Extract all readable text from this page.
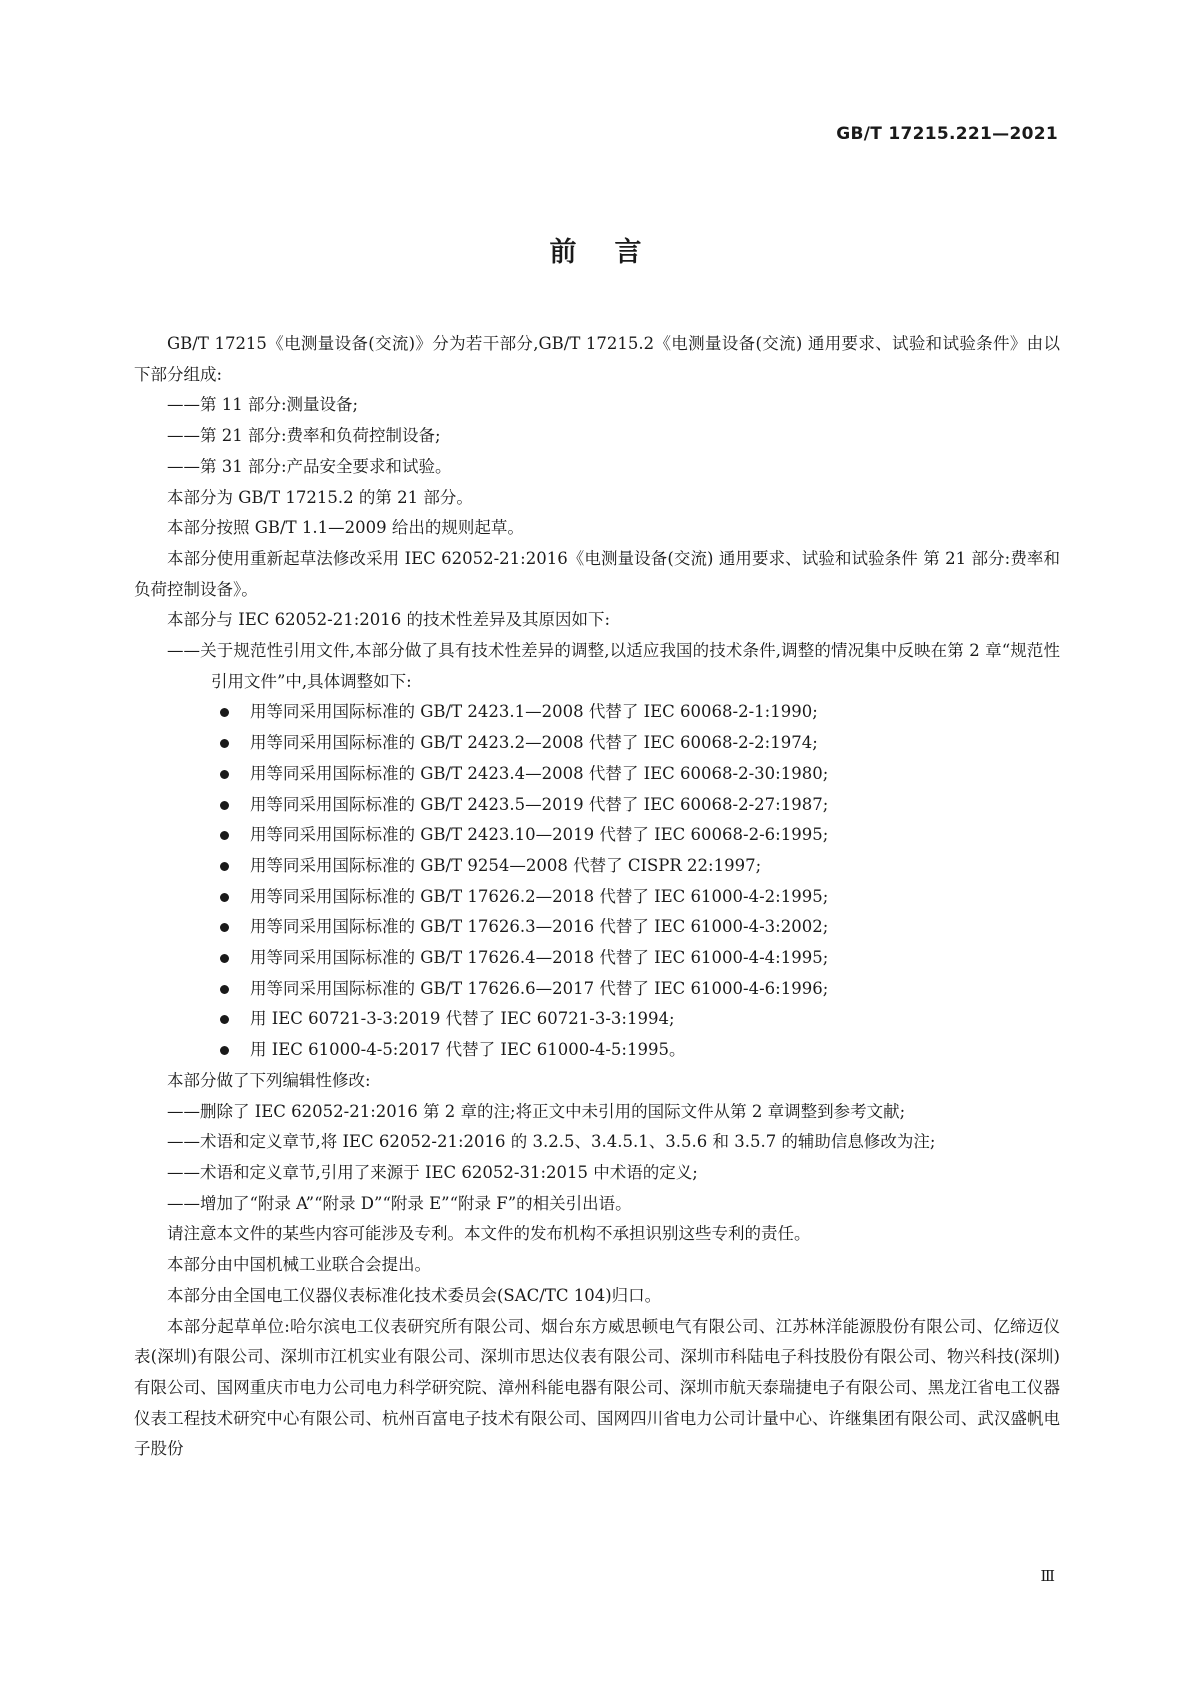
GB/T 17215.221—2021
前言

GB/T 17215《电测量设备(交流)》分为若干部分,GB/T 17215.2《电测量设备(交流) 通用要求、试验和试验条件》由以下部分组成:

——第 11 部分:测量设备;

——第 21 部分:费率和负荷控制设备;

——第 31 部分:产品安全要求和试验。

本部分为 GB/T 17215.2 的第 21 部分。

本部分按照 GB/T 1.1—2009 给出的规则起草。

本部分使用重新起草法修改采用 IEC 62052-21:2016《电测量设备(交流) 通用要求、试验和试验条件 第 21 部分:费率和负荷控制设备》。

本部分与 IEC 62052-21:2016 的技术性差异及其原因如下:

——关于规范性引用文件,本部分做了具有技术性差异的调整,以适应我国的技术条件,调整的情况集中反映在第 2 章“规范性引用文件”中,具体调整如下:

用等同采用国际标准的 GB/T 2423.1—2008 代替了 IEC 60068-2-1:1990;

用等同采用国际标准的 GB/T 2423.2—2008 代替了 IEC 60068-2-2:1974;

用等同采用国际标准的 GB/T 2423.4—2008 代替了 IEC 60068-2-30:1980;

用等同采用国际标准的 GB/T 2423.5—2019 代替了 IEC 60068-2-27:1987;

用等同采用国际标准的 GB/T 2423.10—2019 代替了 IEC 60068-2-6:1995;

用等同采用国际标准的 GB/T 9254—2008 代替了 CISPR 22:1997;

用等同采用国际标准的 GB/T 17626.2—2018 代替了 IEC 61000-4-2:1995;

用等同采用国际标准的 GB/T 17626.3—2016 代替了 IEC 61000-4-3:2002;

用等同采用国际标准的 GB/T 17626.4—2018 代替了 IEC 61000-4-4:1995;

用等同采用国际标准的 GB/T 17626.6—2017 代替了 IEC 61000-4-6:1996;

用 IEC 60721-3-3:2019 代替了 IEC 60721-3-3:1994;

用 IEC 61000-4-5:2017 代替了 IEC 61000-4-5:1995。

本部分做了下列编辑性修改:

——删除了 IEC 62052-21:2016 第 2 章的注;将正文中未引用的国际文件从第 2 章调整到参考文献;

——术语和定义章节,将 IEC 62052-21:2016 的 3.2.5、3.4.5.1、3.5.6 和 3.5.7 的辅助信息修改为注;

——术语和定义章节,引用了来源于 IEC 62052-31:2015 中术语的定义;

——增加了“附录 A”“附录 D”“附录 E”“附录 F”的相关引出语。

请注意本文件的某些内容可能涉及专利。本文件的发布机构不承担识别这些专利的责任。

本部分由中国机械工业联合会提出。

本部分由全国电工仪器仪表标准化技术委员会(SAC/TC 104)归口。

本部分起草单位:哈尔滨电工仪表研究所有限公司、烟台东方威思顿电气有限公司、江苏林洋能源股份有限公司、亿缔迈仪表(深圳)有限公司、深圳市江机实业有限公司、深圳市思达仪表有限公司、深圳市科陆电子科技股份有限公司、物兴科技(深圳)有限公司、国网重庆市电力公司电力科学研究院、漳州科能电器有限公司、深圳市航天泰瑞捷电子有限公司、黑龙江省电工仪器仪表工程技术研究中心有限公司、杭州百富电子技术有限公司、国网四川省电力公司计量中心、许继集团有限公司、武汉盛帆电子股份

Ⅲ
